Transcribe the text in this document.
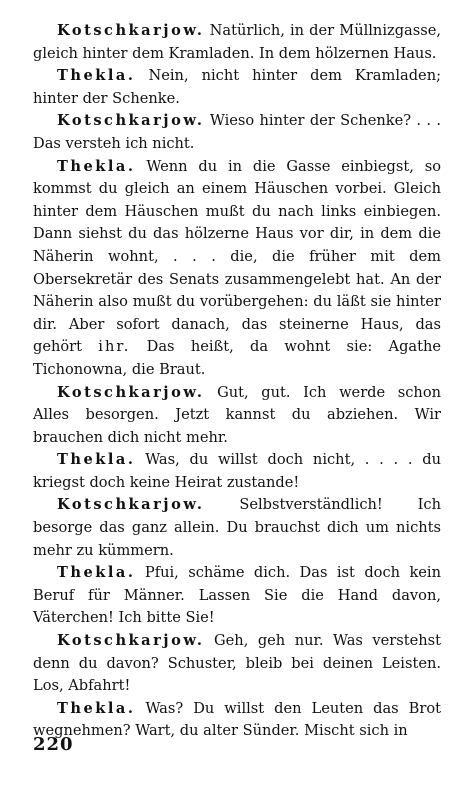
Kotschkarjow. Natürlich, in der Müllnizgasse, gleich hinter dem Kramladen. In dem hölzernen Haus.

Thekla. Nein, nicht hinter dem Kramladen; hinter der Schenke.

Kotschkarjow. Wieso hinter der Schenke? . . . Das versteh ich nicht.

Thekla. Wenn du in die Gasse einbiegst, so kommst du gleich an einem Häuschen vorbei. Gleich hinter dem Häuschen mußt du nach links einbiegen. Dann siehst du das hölzerne Haus vor dir, in dem die Näherin wohnt, . . . die, die früher mit dem Obersekretär des Senats zusammengelebt hat. An der Näherin also mußt du vorübergehen: du läßt sie hinter dir. Aber sofort danach, das steinerne Haus, das gehört ihr. Das heißt, da wohnt sie: Agathe Tichonowna, die Braut.

Kotschkarjow. Gut, gut. Ich werde schon Alles besorgen. Jetzt kannst du abziehen. Wir brauchen dich nicht mehr.

Thekla. Was, du willst doch nicht, . . . . du kriegst doch keine Heirat zustande!

Kotschkarjow. Selbstverständlich! Ich besorge das ganz allein. Du brauchst dich um nichts mehr zu kümmern.

Thekla. Pfui, schäme dich. Das ist doch kein Beruf für Männer. Lassen Sie die Hand davon, Väterchen! Ich bitte Sie!

Kotschkarjow. Geh, geh nur. Was verstehst denn du davon? Schuster, bleib bei deinen Leisten. Los, Abfahrt!

Thekla. Was? Du willst den Leuten das Brot wegnehmen? Wart, du alter Sünder. Mischt sich in

220
